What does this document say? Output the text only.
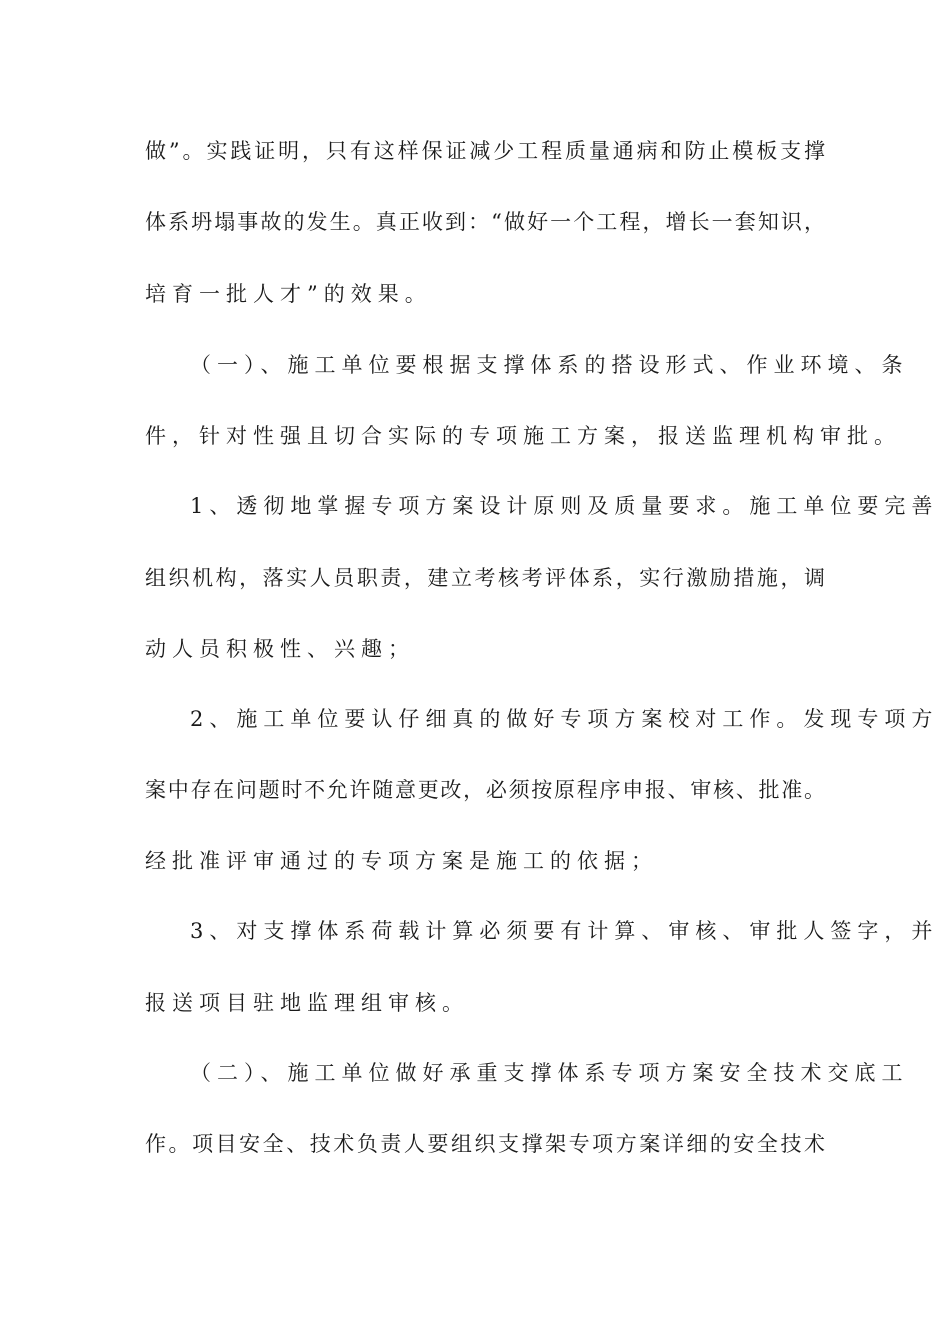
做”。实践证明，只有这样保证减少工程质量通病和防止模板支撑
体系坍塌事故的发生。真正收到：“做好一个工程，增长一套知识，
培育一批人才”的效果。
（一）、施工单位要根据支撑体系的搭设形式、作业环境、条
件，针对性强且切合实际的专项施工方案，报送监理机构审批。
1、透彻地掌握专项方案设计原则及质量要求。施工单位要完善
组织机构，落实人员职责，建立考核考评体系，实行激励措施，调
动人员积极性、兴趣；
2、施工单位要认仔细真的做好专项方案校对工作。发现专项方
案中存在问题时不允许随意更改，必须按原程序申报、审核、批准。
经批准评审通过的专项方案是施工的依据；
3、对支撑体系荷载计算必须要有计算、审核、审批人签字，并
报送项目驻地监理组审核。
（二）、施工单位做好承重支撑体系专项方案安全技术交底工
作。项目安全、技术负责人要组织支撑架专项方案详细的安全技术
